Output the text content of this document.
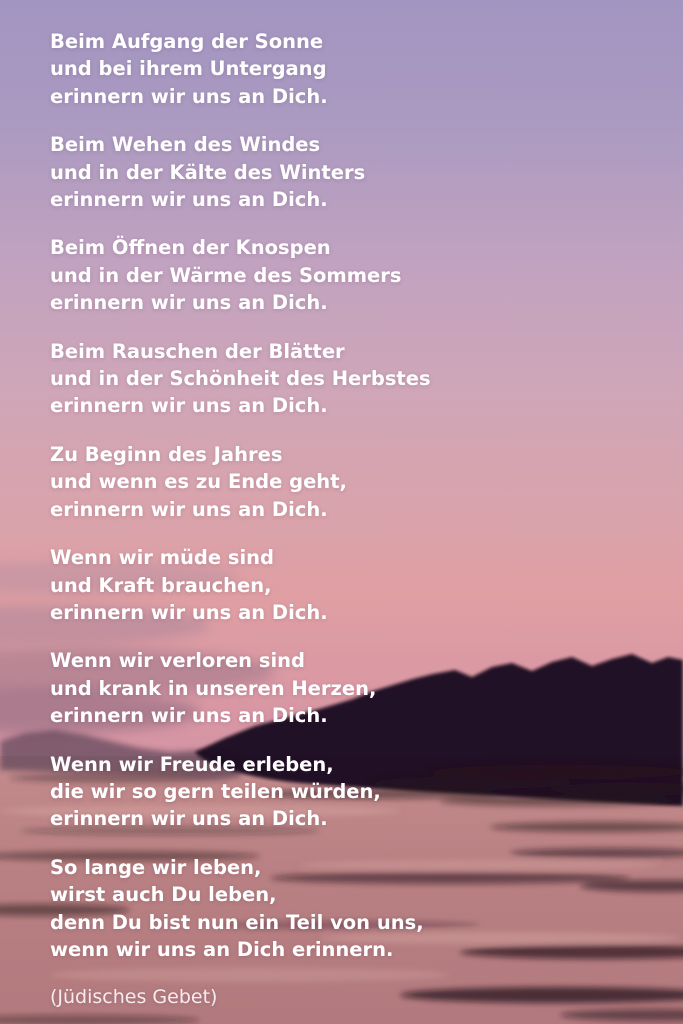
Beim Aufgang der Sonne

und bei ihrem Untergang

erinnern wir uns an Dich.

Beim Wehen des Windes

und in der Kälte des Winters

erinnern wir uns an Dich.

Beim Öffnen der Knospen

und in der Wärme des Sommers

erinnern wir uns an Dich.

Beim Rauschen der Blätter

und in der Schönheit des Herbstes

erinnern wir uns an Dich.

Zu Beginn des Jahres

und wenn es zu Ende geht,

erinnern wir uns an Dich.

Wenn wir müde sind

und Kraft brauchen,

erinnern wir uns an Dich.

Wenn wir verloren sind

und krank in unseren Herzen,

erinnern wir uns an Dich.

Wenn wir Freude erleben,

die wir so gern teilen würden,

erinnern wir uns an Dich.

So lange wir leben,

wirst auch Du leben,

denn Du bist nun ein Teil von uns,

wenn wir uns an Dich erinnern.

(Jüdisches Gebet)
